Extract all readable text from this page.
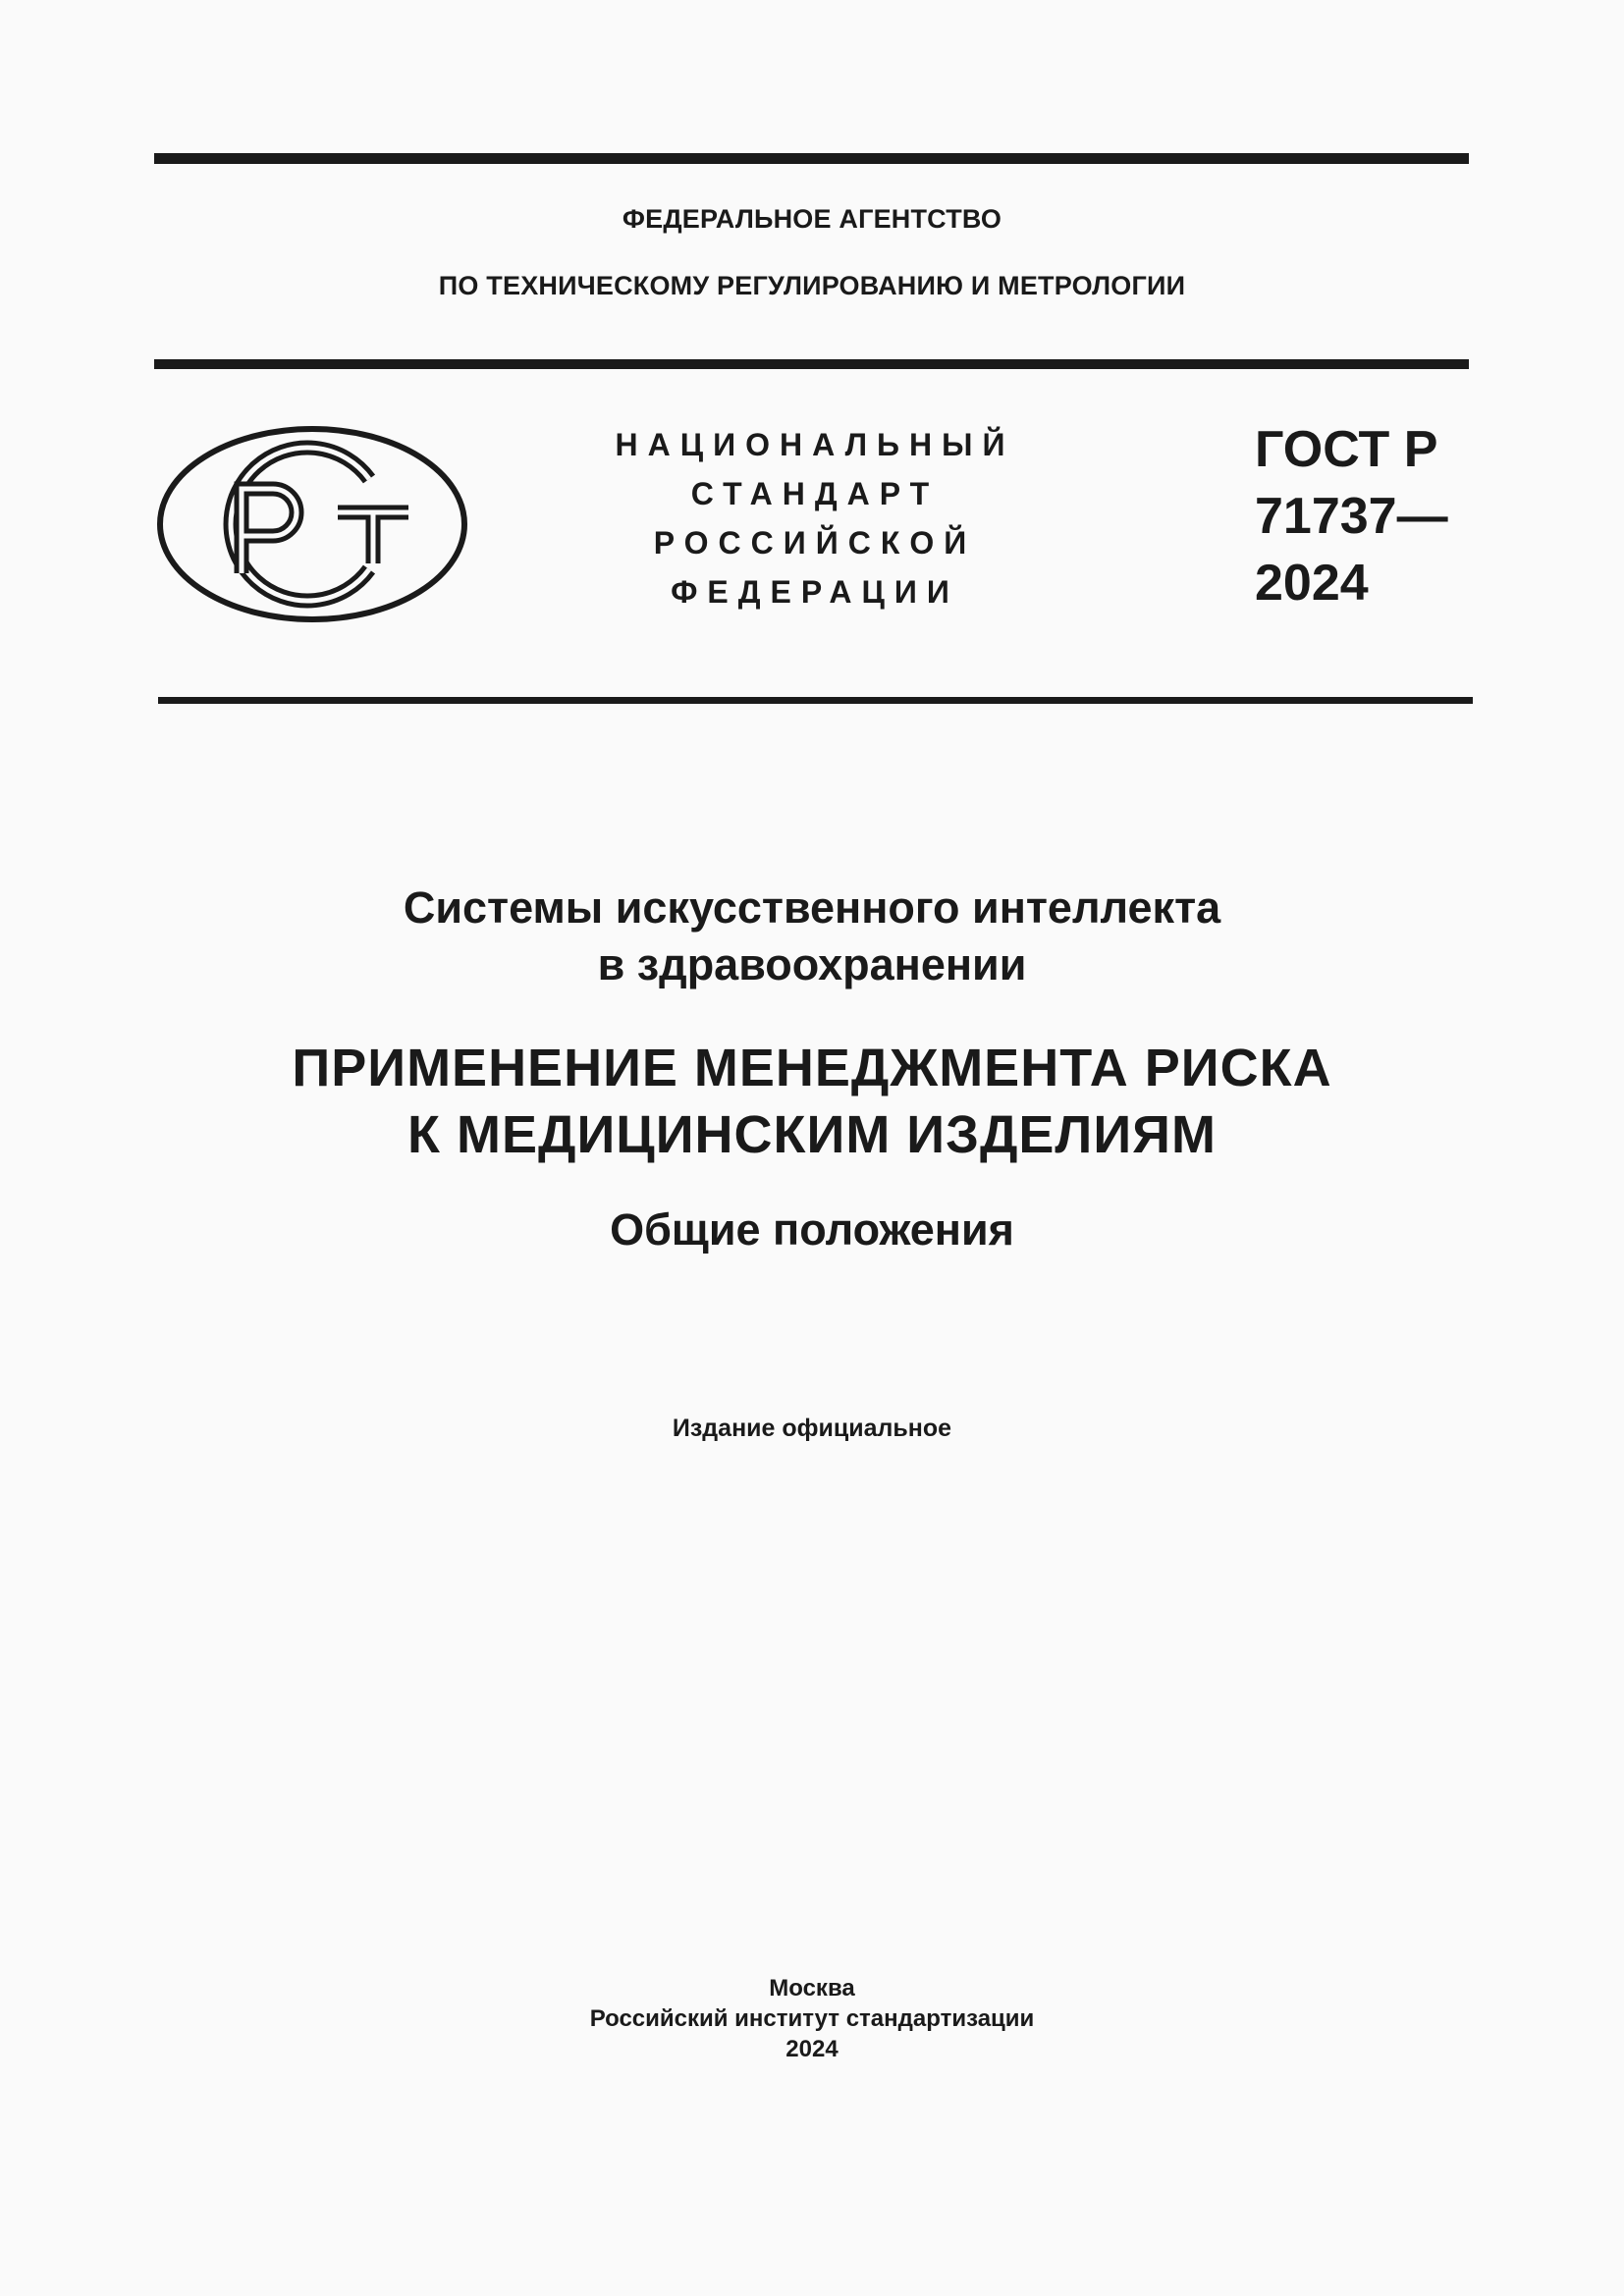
ФЕДЕРАЛЬНОЕ АГЕНТСТВО
ПО ТЕХНИЧЕСКОМУ РЕГУЛИРОВАНИЮ И МЕТРОЛОГИИ
НАЦИОНАЛЬНЫЙ
СТАНДАРТ
РОССИЙСКОЙ
ФЕДЕРАЦИИ
ГОСТ Р
71737—
2024
Системы искусственного интеллекта
в здравоохранении
ПРИМЕНЕНИЕ МЕНЕДЖМЕНТА РИСКА
К МЕДИЦИНСКИМ ИЗДЕЛИЯМ
Общие положения
Издание официальное
Москва
Российский институт стандартизации
2024
